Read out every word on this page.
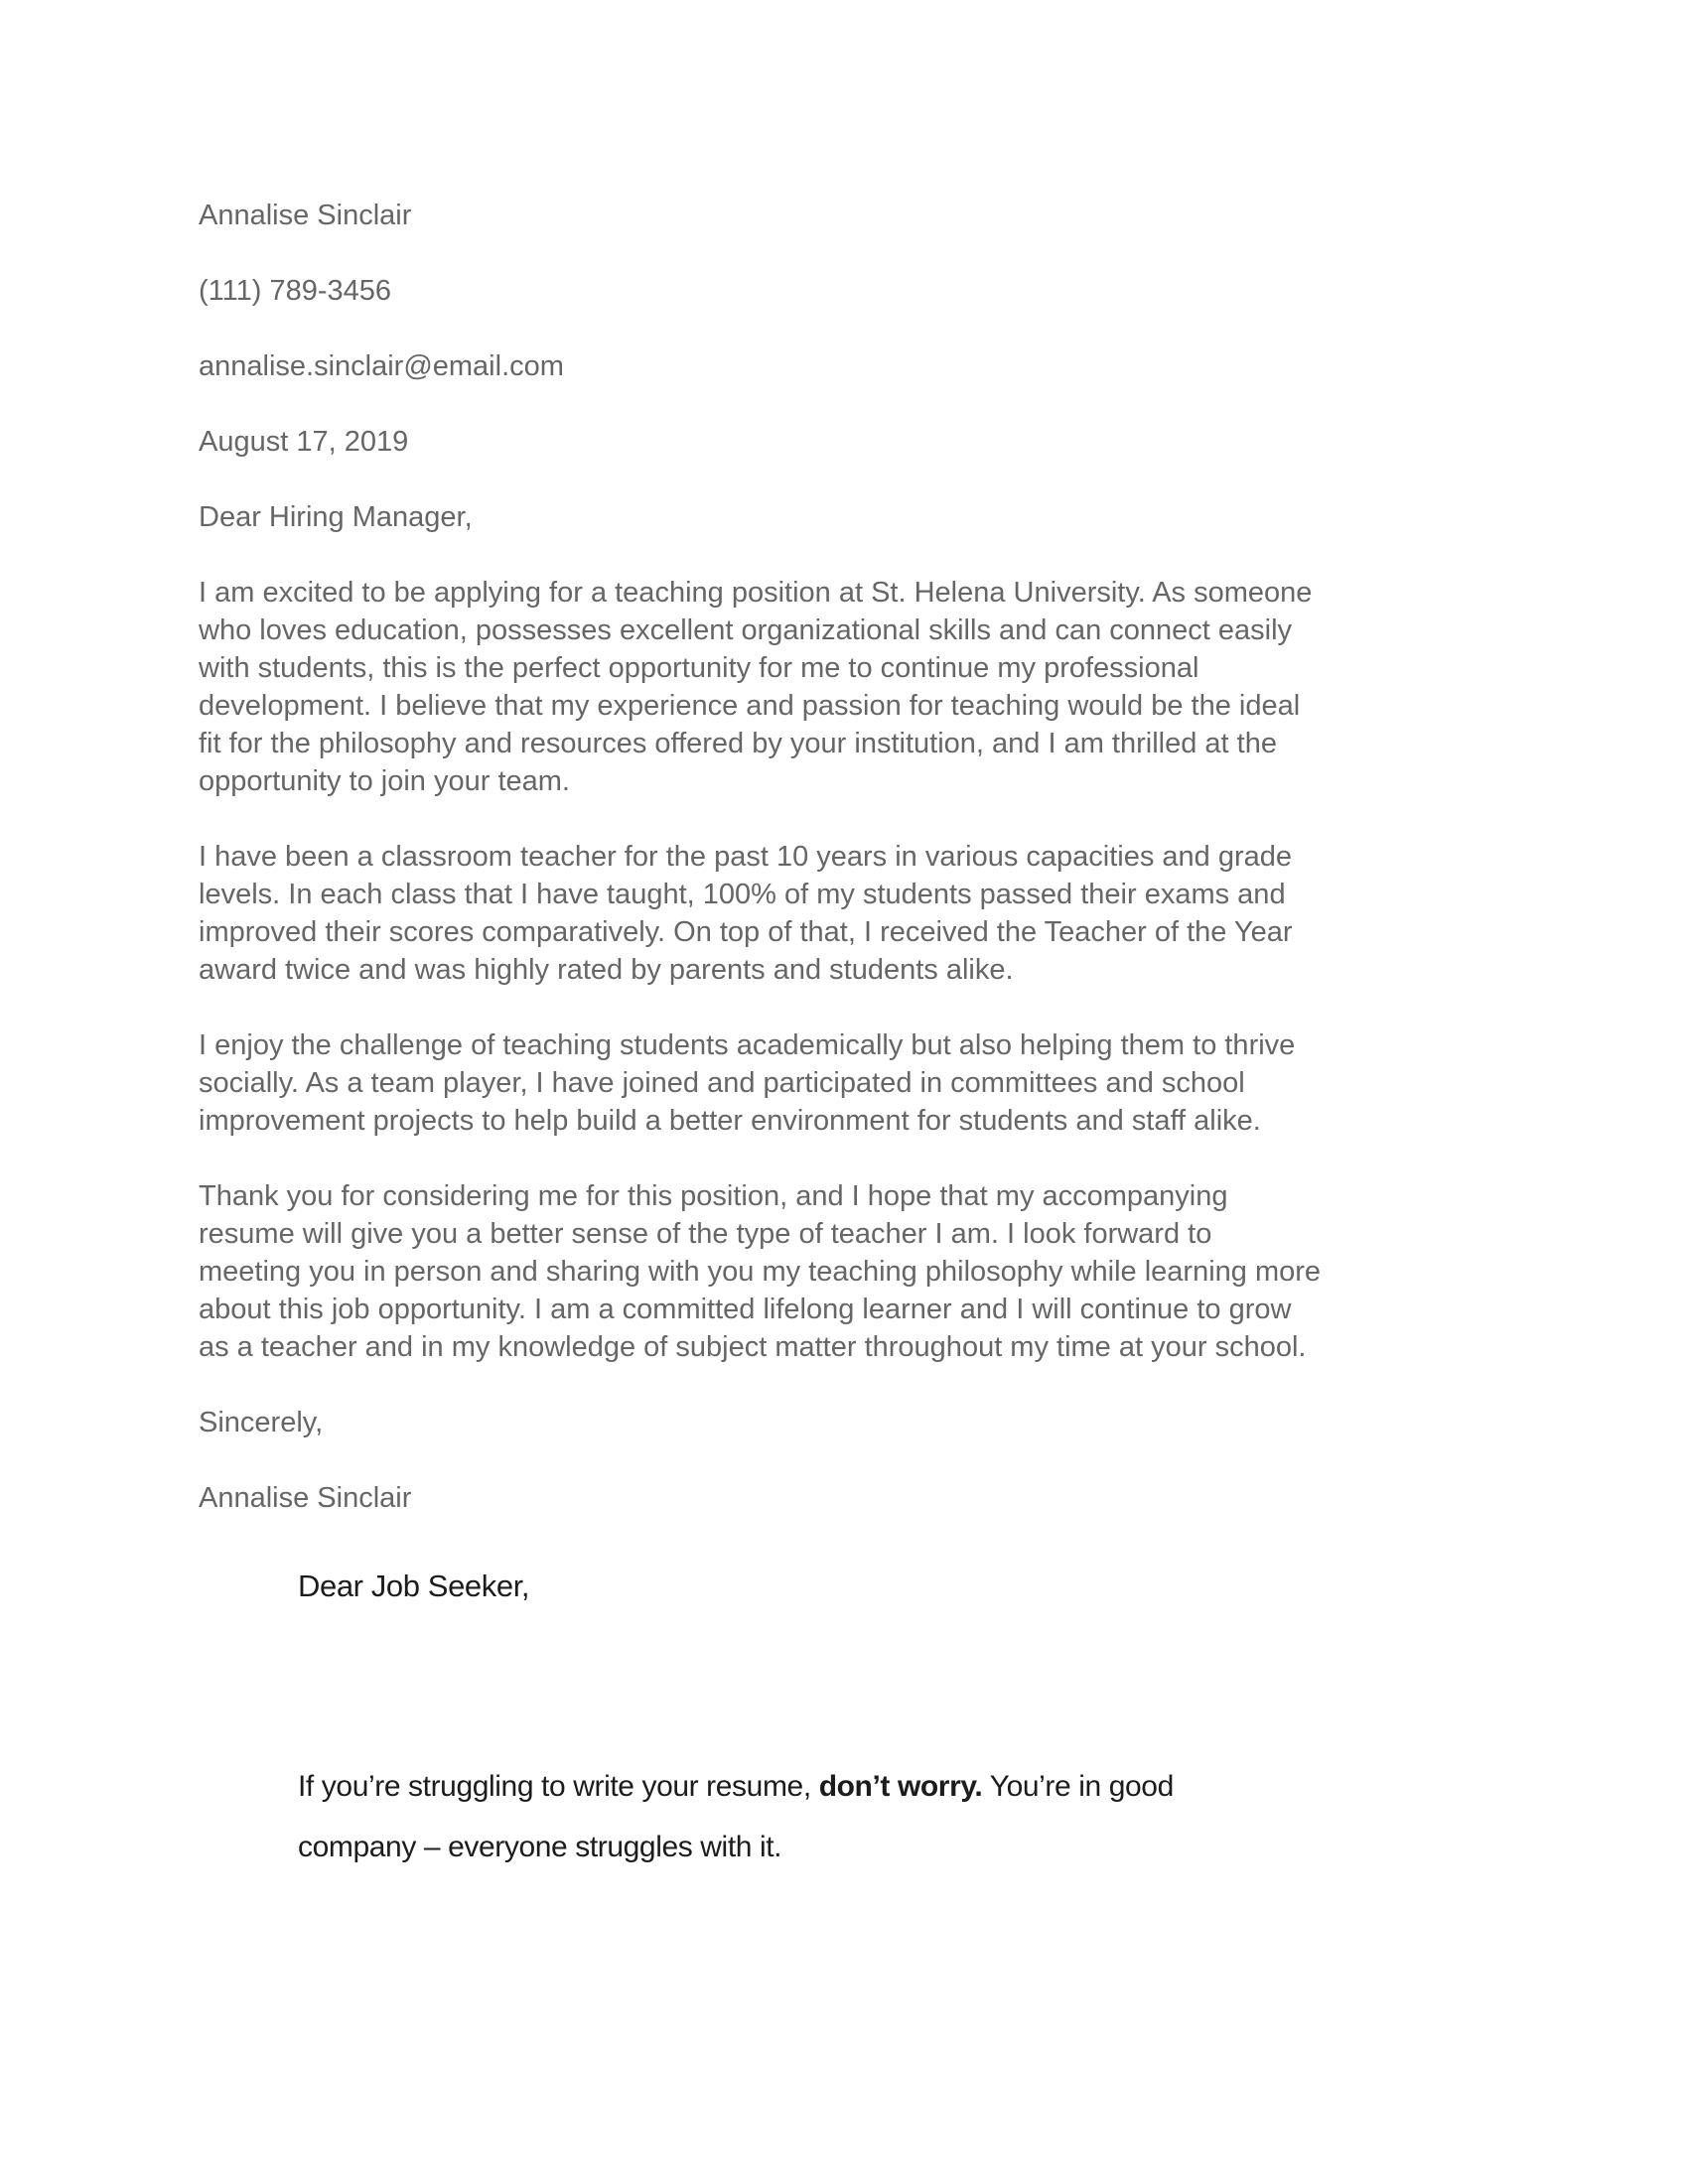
Annalise Sinclair
(111) 789-3456
annalise.sinclair@email.com
August 17, 2019
Dear Hiring Manager,
I am excited to be applying for a teaching position at St. Helena University. As someone
who loves education, possesses excellent organizational skills and can connect easily
with students, this is the perfect opportunity for me to continue my professional
development. I believe that my experience and passion for teaching would be the ideal
fit for the philosophy and resources offered by your institution, and I am thrilled at the
opportunity to join your team.
I have been a classroom teacher for the past 10 years in various capacities and grade
levels. In each class that I have taught, 100% of my students passed their exams and
improved their scores comparatively. On top of that, I received the Teacher of the Year
award twice and was highly rated by parents and students alike.
I enjoy the challenge of teaching students academically but also helping them to thrive
socially. As a team player, I have joined and participated in committees and school
improvement projects to help build a better environment for students and staff alike.
Thank you for considering me for this position, and I hope that my accompanying
resume will give you a better sense of the type of teacher I am. I look forward to
meeting you in person and sharing with you my teaching philosophy while learning more
about this job opportunity. I am a committed lifelong learner and I will continue to grow
as a teacher and in my knowledge of subject matter throughout my time at your school.
Sincerely,
Annalise Sinclair
Dear Job Seeker,
If you’re struggling to write your resume, don’t worry. You’re in good
company – everyone struggles with it.
